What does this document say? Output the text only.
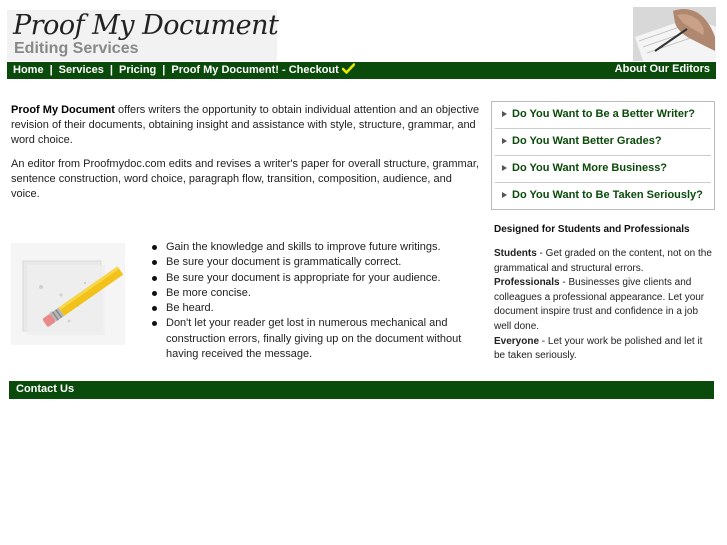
Proof My Document
Editing Services
Home | Services | Pricing | Proof My Document! - Checkout	About Our Editors

Proof My Document offers writers the opportunity to obtain individual attention and an objective revision of their documents, obtaining insight and assistance with style, structure, grammar, and word choice.

An editor from Proofmydoc.com edits and revises a writer's paper for overall structure, grammar, sentence construction, word choice, paragraph flow, transition, composition, audience, and voice.

Gain the knowledge and skills to improve future writings.
Be sure your document is grammatically correct.
Be sure your document is appropriate for your audience.
Be more concise.
Be heard.
Don't let your reader get lost in numerous mechanical and construction errors, finally giving up on the document without having received the message.
Do You Want to Be a Better Writer?
Do You Want Better Grades?
Do You Want More Business?
Do You Want to Be Taken Seriously?
Designed for Students and Professionals

Students - Get graded on the content, not on the grammatical and structural errors.

Professionals - Businesses give clients and colleagues a professional appearance. Let your document inspire trust and confidence in a job well done.

Everyone - Let your work be polished and let it be taken seriously.

Contact Us
